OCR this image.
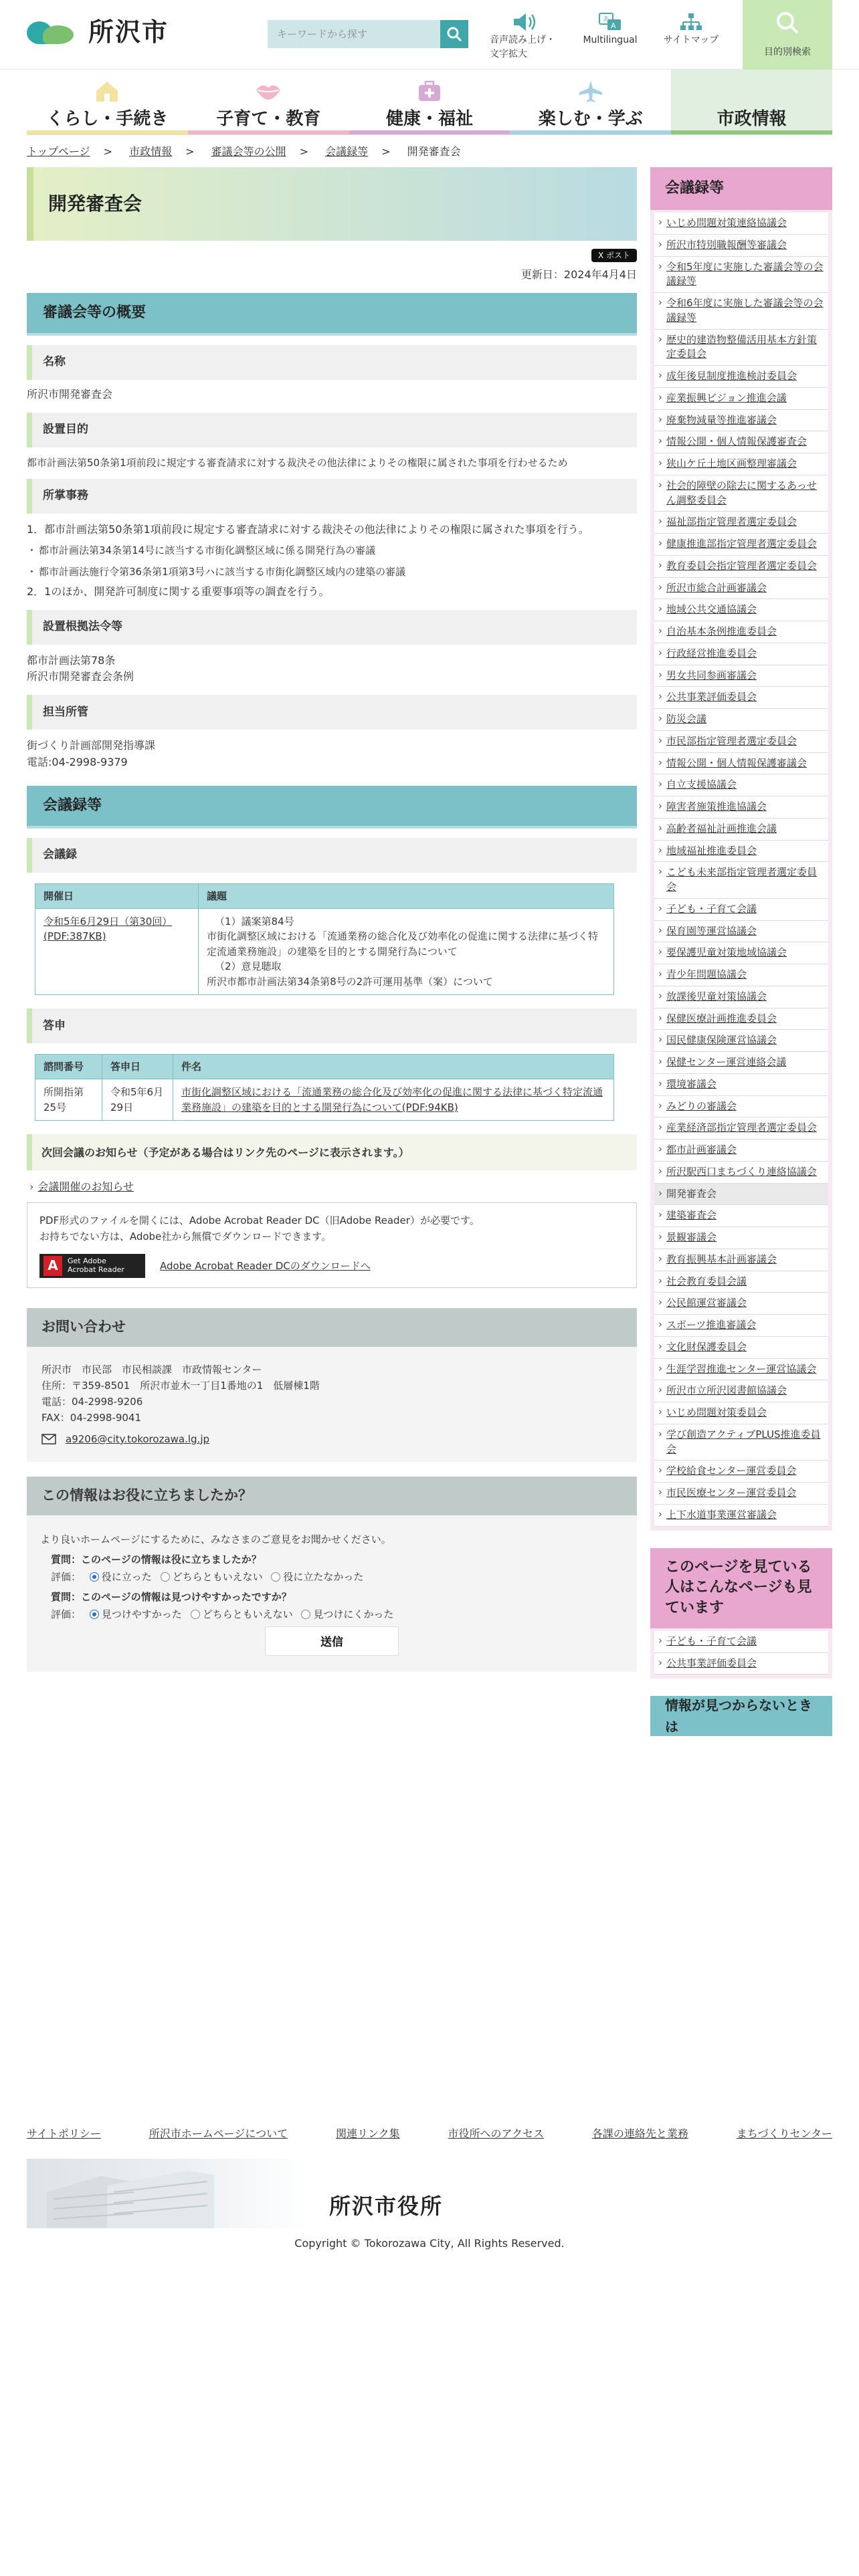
所沢市
キーワードから探す	音声読み上げ・
文字拡大
あ
A
Multilingual	サイトマップ
目的別検索
くらし・手続き	子育て・教育	健康・福祉	楽しむ・学ぶ	市政情報
トップページ > 市政情報 > 審議会等の公開 > 会議録等 > 開発審査会
開発審査会
X ポスト
更新日：2024年4月4日
審議会等の概要
名称

所沢市開発審査会

設置目的

都市計画法第50条第1項前段に規定する審査請求に対する裁決その他法律によりその権限に属された事項を行わせるため

所掌事務

1．都市計画法第50条第1項前段に規定する審査請求に対する裁決その他法律によりその権限に属された事項を行う。

・ 都市計画法第34条第14号に該当する市街化調整区域に係る開発行為の審議
・ 都市計画法施行令第36条第1項第3号ハに該当する市街化調整区域内の建築の審議

2．1のほか、開発許可制度に関する重要事項等の調査を行う。

設置根拠法令等

都市計画法第78条

所沢市開発審査会条例

担当所管

街づくり計画部開発指導課

電話:04-2998-9379

会議録等
会議録
開催日	議題
令和5年6月29日（第30回）(PDF:387KB)	（1）議案第84号
市街化調整区域における「流通業務の総合化及び効率化の促進に関する法律に基づく特定流通業務施設」の建築を目的とする開発行為について
（2）意見聴取
所沢市都市計画法第34条第8号の2許可運用基準（案）について
答申
諮問番号	答申日	件名
所開指第25号	令和5年6月29日	市街化調整区域における「流通業務の総合化及び効率化の促進に関する法律に基づく特定流通業務施設」の建築を目的とする開発行為について(PDF:94KB)
次回会議のお知らせ（予定がある場合はリンク先のページに表示されます。）
› 会議開催のお知らせ
PDF形式のファイルを開くには、Adobe Acrobat Reader DC（旧Adobe Reader）が必要です。
お持ちでない方は、Adobe社から無償でダウンロードできます。
A	Get Adobe
Acrobat Reader	Adobe Acrobat Reader DCのダウンロードへ
お問い合わせ
所沢市　市民部　市民相談課　市政情報センター
住所：〒359-8501　所沢市並木一丁目1番地の1　低層棟1階
電話：04-2998-9206
FAX：04-2998-9041
a9206@city.tokorozawa.lg.jp
この情報はお役に立ちましたか？
より良いホームページにするために、みなさまのご意見をお聞かせください。
質問：このページの情報は役に立ちましたか？
評価： 役に立った どちらともいえない 役に立たなかった
質問：このページの情報は見つけやすかったですか？
評価： 見つけやすかった どちらともいえない 見つけにくかった
送信
会議録等
› いじめ問題対策連絡協議会
› 所沢市特別職報酬等審議会
› 令和5年度に実施した審議会等の会議録等
› 令和6年度に実施した審議会等の会議録等
› 歴史的建造物整備活用基本方針策定委員会
› 成年後見制度推進検討委員会
› 産業振興ビジョン推進会議
› 廃棄物減量等推進審議会
› 情報公開・個人情報保護審査会
› 狭山ケ丘土地区画整理審議会
› 社会的障壁の除去に関するあっせん調整委員会
› 福祉部指定管理者選定委員会
› 健康推進部指定管理者選定委員会
› 教育委員会指定管理者選定委員会
› 所沢市総合計画審議会
› 地域公共交通協議会
› 自治基本条例推進委員会
› 行政経営推進委員会
› 男女共同参画審議会
› 公共事業評価委員会
› 防災会議
› 市民部指定管理者選定委員会
› 情報公開・個人情報保護審議会
› 自立支援協議会
› 障害者施策推進協議会
› 高齢者福祉計画推進会議
› 地域福祉推進委員会
› こども未来部指定管理者選定委員会
› 子ども・子育て会議
› 保育園等運営協議会
› 要保護児童対策地域協議会
› 青少年問題協議会
› 放課後児童対策協議会
› 保健医療計画推進委員会
› 国民健康保険運営協議会
› 保健センター運営連絡会議
› 環境審議会
› みどりの審議会
› 産業経済部指定管理者選定委員会
› 都市計画審議会
› 所沢駅西口まちづくり連絡協議会
› 開発審査会
› 建築審査会
› 景観審議会
› 教育振興基本計画審議会
› 社会教育委員会議
› 公民館運営審議会
› スポーツ推進審議会
› 文化財保護委員会
› 生涯学習推進センター運営協議会
› 所沢市立所沢図書館協議会
› いじめ問題対策委員会
› 学び創造アクティブPLUS推進委員会
› 学校給食センター運営委員会
› 市民医療センター運営委員会
› 上下水道事業運営審議会
このページを見ている人はこんなページも見ています
› 子ども・子育て会議
› 公共事業評価委員会
情報が見つからないときは
サイトポリシー	所沢市ホームページについて	関連リンク集	市役所へのアクセス	各課の連絡先と業務	まちづくりセンター
所沢市役所
Copyright © Tokorozawa City, All Rights Reserved.
